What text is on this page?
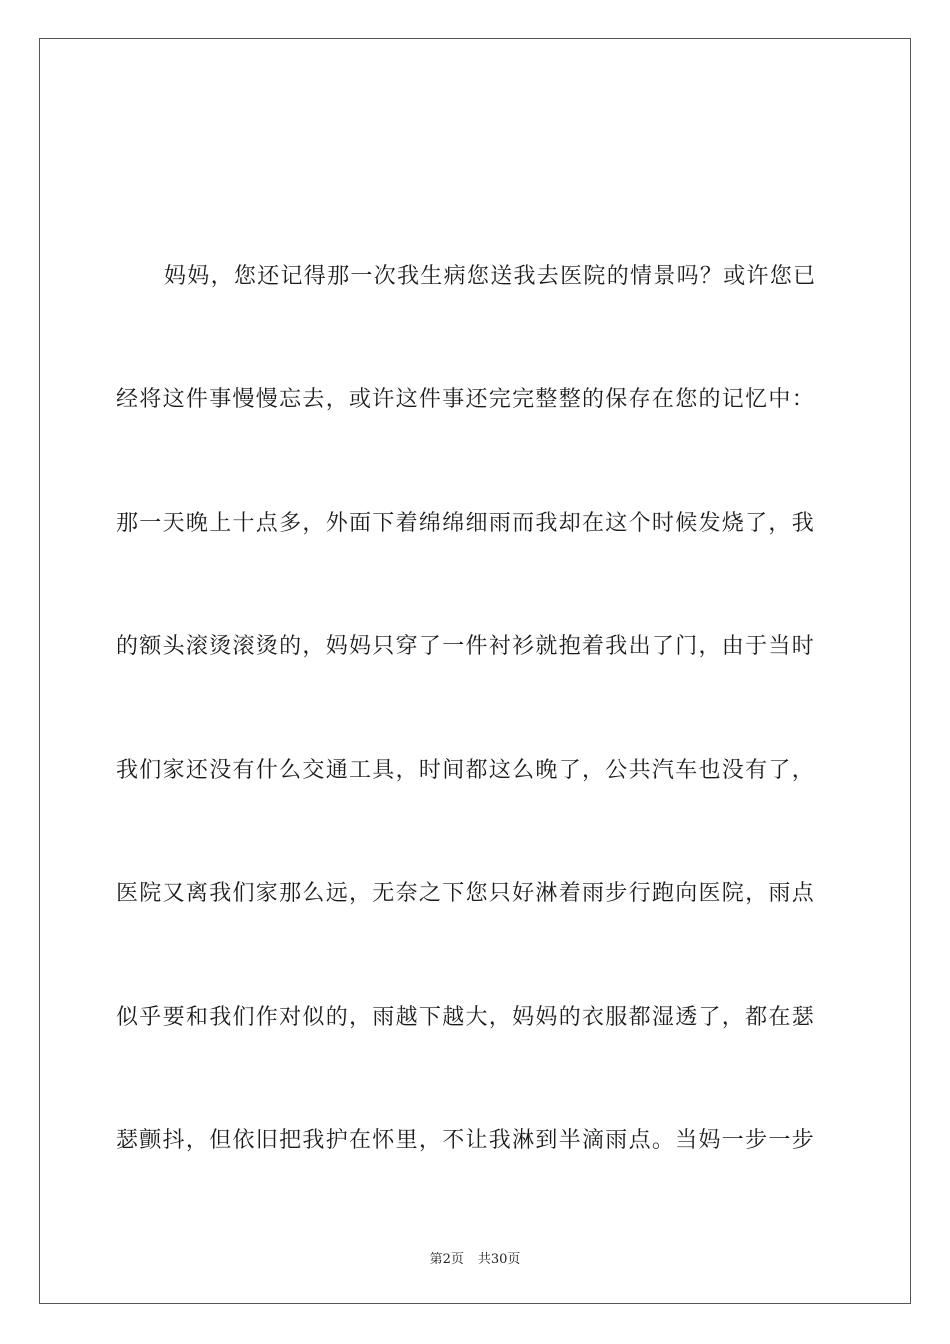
妈妈，您还记得那一次我生病您送我去医院的情景吗？或许您已
经将这件事慢慢忘去，或许这件事还完完整整的保存在您的记忆中：
那一天晚上十点多，外面下着绵绵细雨而我却在这个时候发烧了，我
的额头滚烫滚烫的，妈妈只穿了一件衬衫就抱着我出了门，由于当时
我们家还没有什么交通工具，时间都这么晚了，公共汽车也没有了，
医院又离我们家那么远，无奈之下您只好淋着雨步行跑向医院，雨点
似乎要和我们作对似的，雨越下越大，妈妈的衣服都湿透了，都在瑟
瑟颤抖，但依旧把我护在怀里，不让我淋到半滴雨点。当妈一步一步
第2页 共30页
